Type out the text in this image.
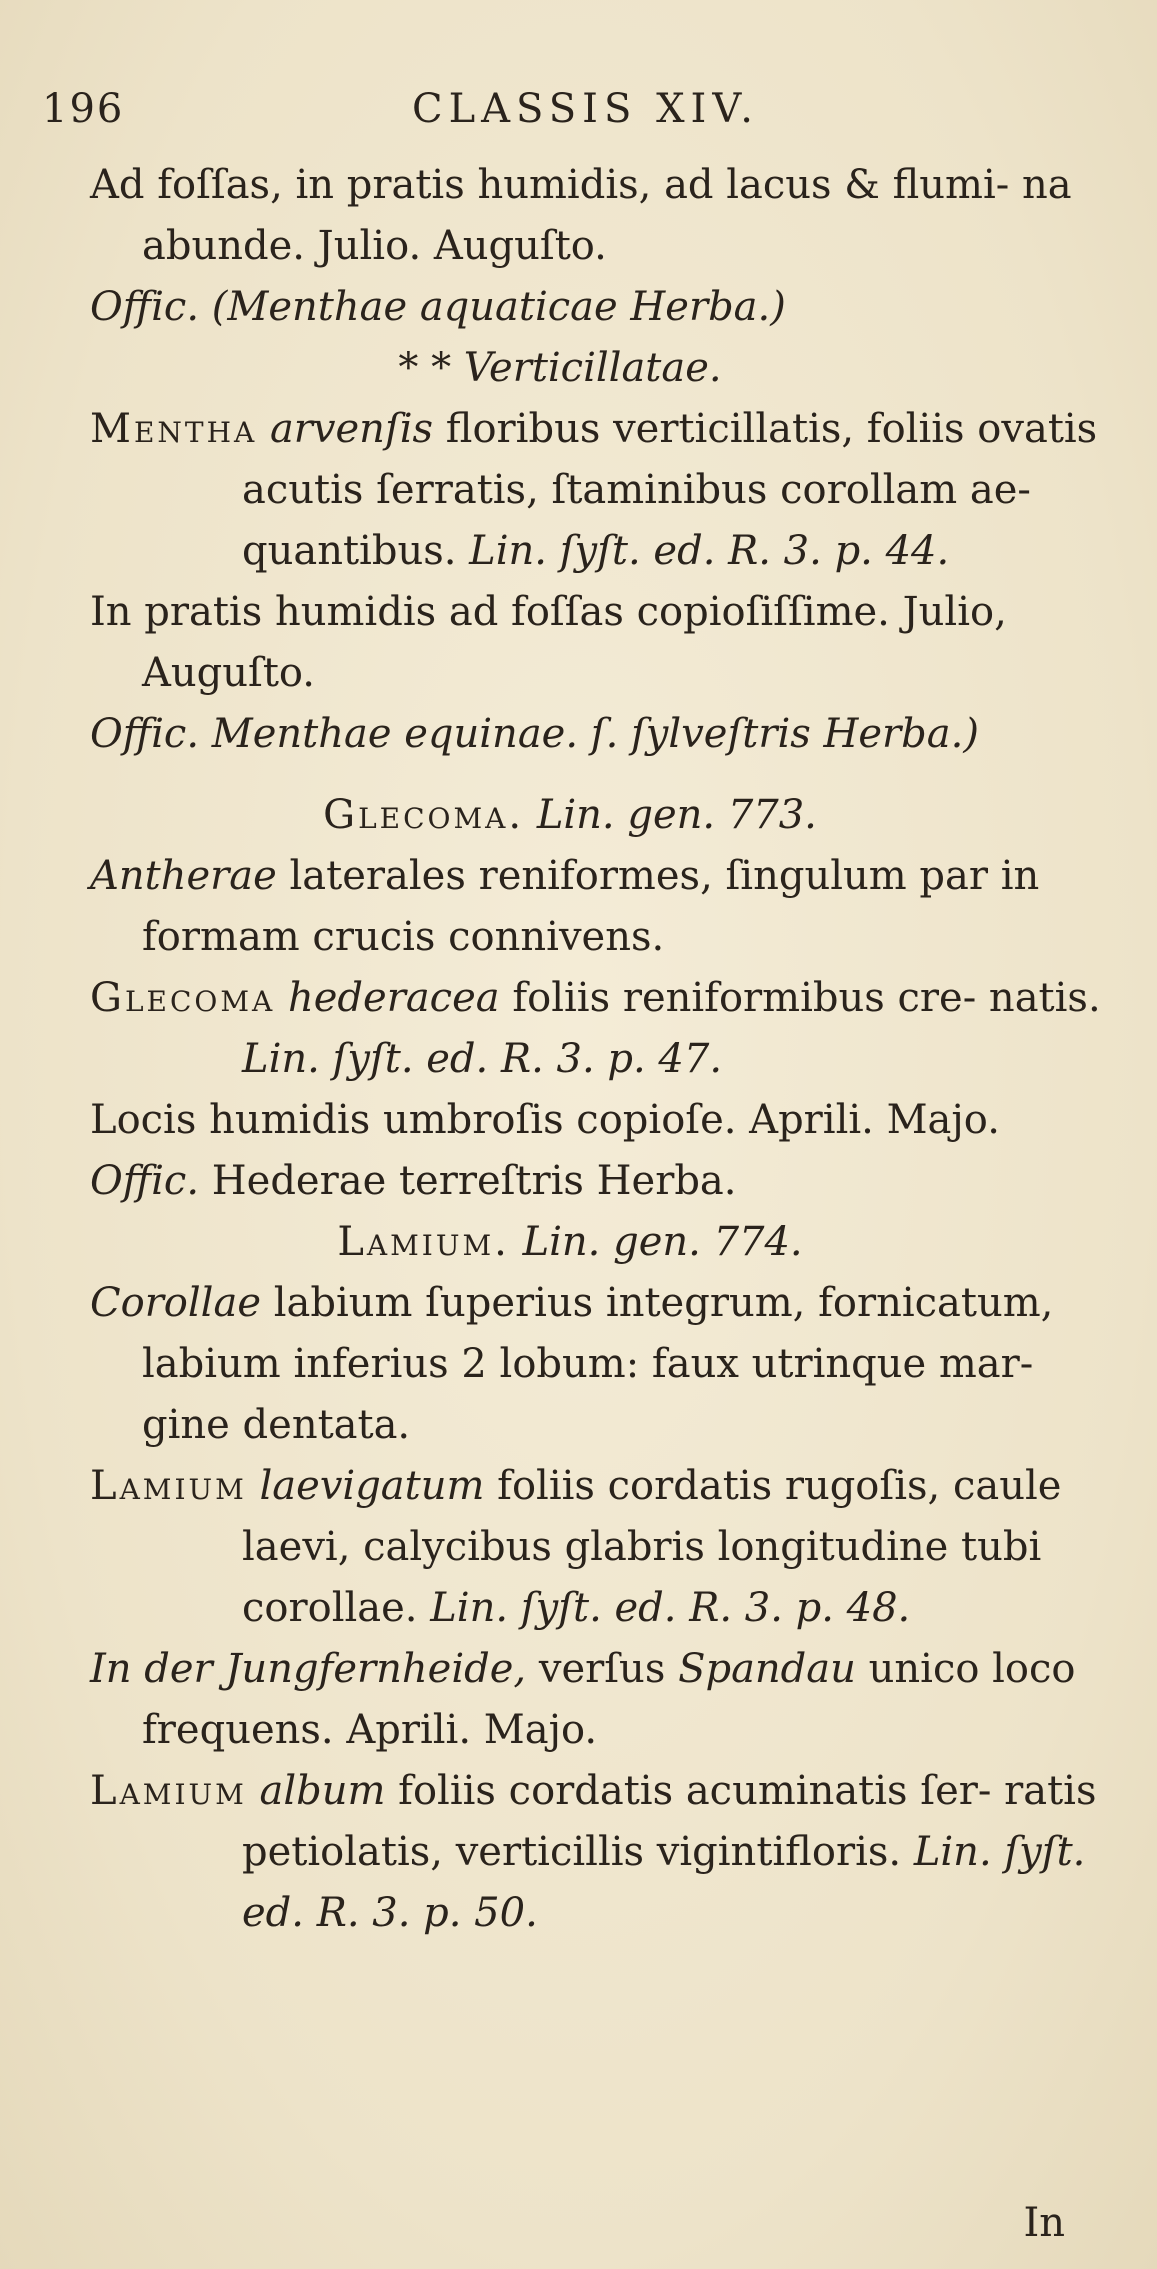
196	CLASSIS XIV.

Ad foſſas, in pratis humidis, ad lacus & flumi- na abunde. Julio. Auguſto.

Offic. (Menthae aquaticae Herba.)

* * Verticillatae.

Mentha arvenſis floribus verticillatis, foliis ovatis acutis ſerratis, ſtaminibus corollam ae- quantibus. Lin. ſyſt. ed. R. 3. p. 44.

In pratis humidis ad foſſas copioſiſſime. Julio, Auguſto.

Offic. Menthae equinae. ſ. ſylveſtris Herba.)

Glecoma. Lin. gen. 773.

Antherae laterales reniformes, ſingulum par in formam crucis connivens.

Glecoma hederacea foliis reniformibus cre- natis. Lin. ſyſt. ed. R. 3. p. 47.

Locis humidis umbroſis copioſe. Aprili. Majo.

Offic. Hederae terreſtris Herba.

Lamium. Lin. gen. 774.

Corollae labium ſuperius integrum, fornicatum, labium inferius 2 lobum: faux utrinque mar- gine dentata.

Lamium laevigatum foliis cordatis rugoſis, caule laevi, calycibus glabris longitudine tubi corollae. Lin. ſyſt. ed. R. 3. p. 48.

In der Jungfernheide, verſus Spandau unico loco frequens. Aprili. Majo.

Lamium album foliis cordatis acuminatis ſer- ratis petiolatis, verticillis vigintifloris. Lin. ſyſt. ed. R. 3. p. 50.

In
